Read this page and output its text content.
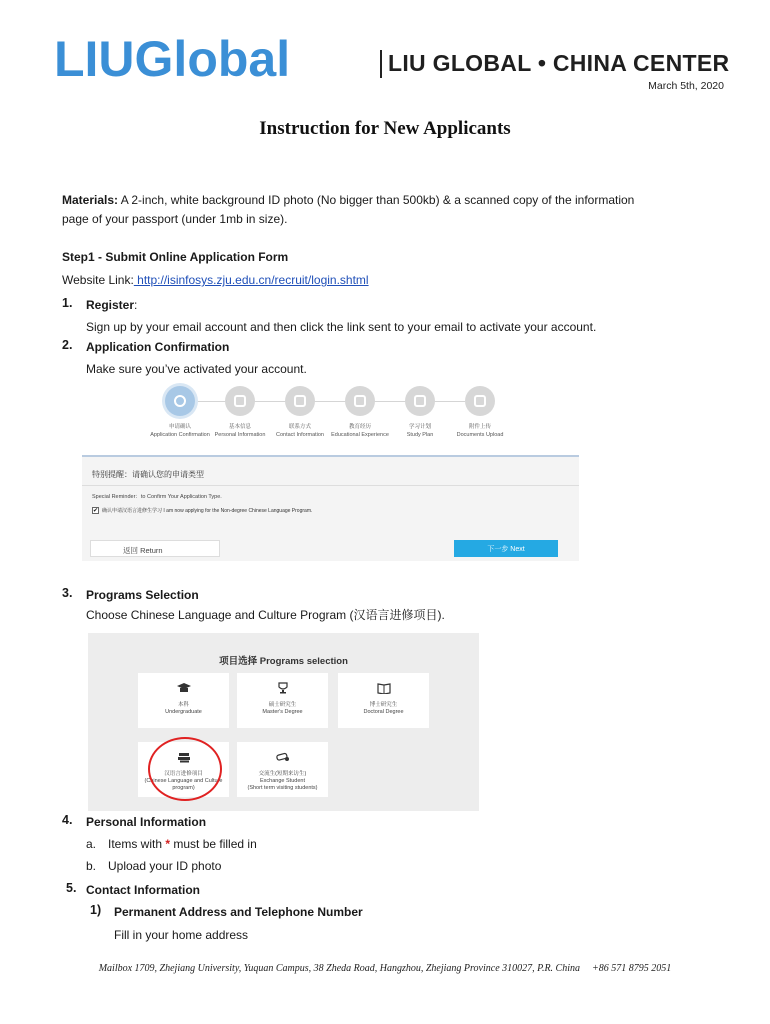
LIUGlobal	LIU GLOBAL • CHINA CENTER
March 5th, 2020
Instruction for New Applicants
Materials: A 2-inch, white background ID photo (No bigger than 500kb) & a scanned copy of the information
page of your passport (under 1mb in size).
Step1 - Submit Online Application Form
Website Link: http://isinfosys.zju.edu.cn/recruit/login.shtml
1. Register:
Sign up by your email account and then click the link sent to your email to activate your account.
2. Application Confirmation
Make sure you’ve activated your account.
申请确认
Application Confirmation
基本信息
Personal Information
联系方式
Contact Information
教育经历
Educational Experience
学习计划
Study Plan
附件上传
Documents Upload
特别提醒：请确认您的申请类型
Special Reminder：to Confirm Your Application Type.
✔ 确认申请汉语言进修生学习 I am now applying for the Non-degree Chinese Language Program.
返回 Return	下一步 Next
3. Programs Selection
Choose Chinese Language and Culture Program (汉语言进修项目).
项目选择 Programs selection
本科
Undergraduate
硕士研究生
Master's Degree
博士研究生
Doctoral Degree
汉语言进修项目
(Chinese Language and Culture
program)
交流生(短期来访生)
Exchange Student
(Short term visiting students)
4. Personal Information
a. Items with * must be filled in
b. Upload your ID photo
5. Contact Information
1) Permanent Address and Telephone Number
Fill in your home address
Mailbox 1709, Zhejiang University, Yuquan Campus, 38 Zheda Road, Hangzhou, Zhejiang Province 310027, P.R. China +86 571 8795 2051
